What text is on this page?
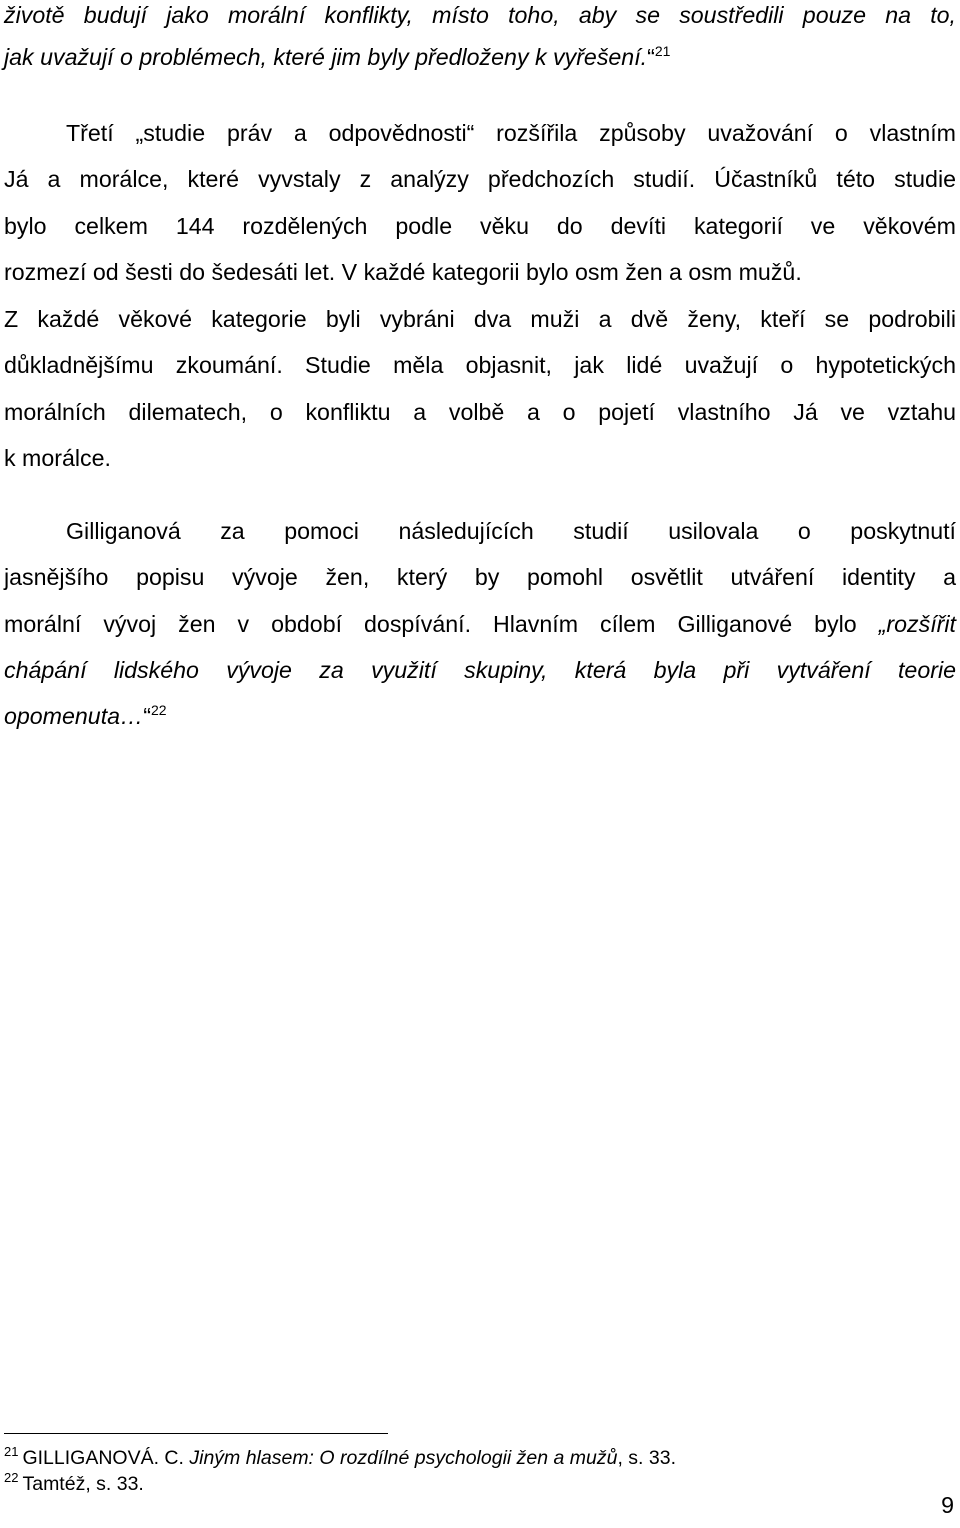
životě budují jako morální konflikty, místo toho, aby se soustředili pouze na to,
jak uvažují o problémech, které jim byly předloženy k vyřešení.“$^{21}$
Třetí „studie práv a odpovědnosti“ rozšířila způsoby uvažování o vlastním
Já a morálce, které vyvstaly z analýzy předchozích studií. Účastníků této studie
bylo celkem 144 rozdělených podle věku do devíti kategorií ve věkovém
rozmezí od šesti do šedesáti let. V každé kategorii bylo osm žen a osm mužů.
Z každé věkové kategorie byli vybráni dva muži a dvě ženy, kteří se podrobili
důkladnějšímu zkoumání. Studie měla objasnit, jak lidé uvažují o hypotetických
morálních dilematech, o konfliktu a volbě a o pojetí vlastního Já ve vztahu
k morálce.
Gilliganová za pomoci následujících studií usilovala o poskytnutí
jasnějšího popisu vývoje žen, který by pomohl osvětlit utváření identity a
morální vývoj žen v období dospívání. Hlavním cílem Gilliganové bylo „rozšířit
chápání lidského vývoje za využití skupiny, která byla při vytváření teorie
opomenuta…“$^{22}$
$^{21}$ GILLIGANOVÁ. C. Jiným hlasem: O rozdílné psychologii žen a mužů, s. 33.
$^{22}$ Tamtéž, s. 33.
9
